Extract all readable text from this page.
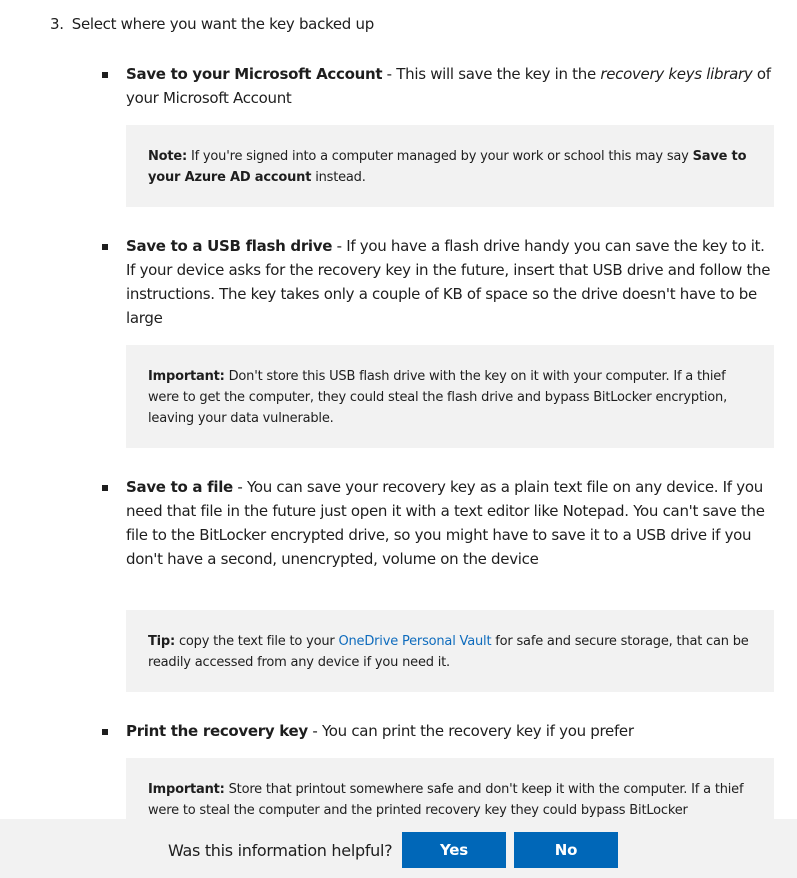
3. Select where you want the key backed up
Save to your Microsoft Account - This will save the key in the recovery keys library of your Microsoft Account
Note: If you're signed into a computer managed by your work or school this may say Save to your Azure AD account instead.
Save to a USB flash drive - If you have a flash drive handy you can save the key to it. If your device asks for the recovery key in the future, insert that USB drive and follow the instructions. The key takes only a couple of KB of space so the drive doesn't have to be large
Important: Don't store this USB flash drive with the key on it with your computer. If a thief were to get the computer, they could steal the flash drive and bypass BitLocker encryption, leaving your data vulnerable.
Save to a file - You can save your recovery key as a plain text file on any device. If you need that file in the future just open it with a text editor like Notepad. You can't save the file to the BitLocker encrypted drive, so you might have to save it to a USB drive if you don't have a second, unencrypted, volume on the device
Tip: copy the text file to your OneDrive Personal Vault for safe and secure storage, that can be readily accessed from any device if you need it.
Print the recovery key - You can print the recovery key if you prefer
Important: Store that printout somewhere safe and don't keep it with the computer. If a thief were to steal the computer and the printed recovery key they could bypass BitLocker
Was this information helpful?	Yes	No
